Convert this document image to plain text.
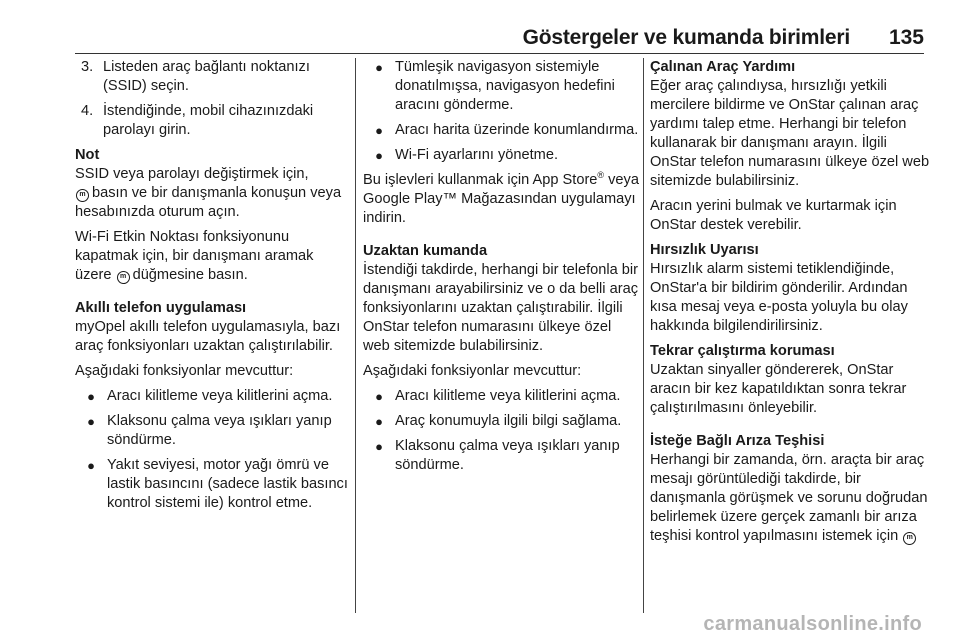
Göstergeler ve kumanda birimleri 135
3. Listeden araç bağlantı noktanızı (SSID) seçin.
4. İstendiğinde, mobil cihazınızdaki parolayı girin.

Not

SSID veya parolayı değiştirmek için,
mbasın ve bir danışmanla konuşun veya hesabınızda oturum açın.

Wi-Fi Etkin Noktası fonksiyonunu kapatmak için, bir danışmanı aramak üzere m düğmesine basın.

Akıllı telefon uygulaması

myOpel akıllı telefon uygulamasıyla, bazı araç fonksiyonları uzaktan çalıştırılabilir.

Aşağıdaki fonksiyonlar mevcuttur:

● Aracı kilitleme veya kilitlerini açma.
● Klaksonu çalma veya ışıkları yanıp söndürme.
● Yakıt seviyesi, motor yağı ömrü ve lastik basıncını (sadece lastik basıncı kontrol sistemi ile) kontrol etme.
● Tümleşik navigasyon sistemiyle donatılmışsa, navigasyon hedefini aracını gönderme.
● Aracı harita üzerinde konumlandırma.
● Wi-Fi ayarlarını yönetme.

Bu işlevleri kullanmak için App Store® veya Google Play™ Mağazasından uygulamayı indirin.

Uzaktan kumanda

İstendiği takdirde, herhangi bir telefonla bir danışmanı arayabilirsiniz ve o da belli araç fonksiyonlarını uzaktan çalıştırabilir. İlgili OnStar telefon numarasını ülkeye özel web sitemizde bulabilirsiniz.

Aşağıdaki fonksiyonlar mevcuttur:

● Aracı kilitleme veya kilitlerini açma.
● Araç konumuyla ilgili bilgi sağlama.
● Klaksonu çalma veya ışıkları yanıp söndürme.

Çalınan Araç Yardımı

Eğer araç çalındıysa, hırsızlığı yetkili mercilere bildirme ve OnStar çalınan araç yardımı talep etme. Herhangi bir telefon kullanarak bir danışmanı arayın. İlgili OnStar telefon numarasını ülkeye özel web sitemizde bulabilirsiniz.

Aracın yerini bulmak ve kurtarmak için OnStar destek verebilir.

Hırsızlık Uyarısı

Hırsızlık alarm sistemi tetiklendiğinde, OnStar'a bir bildirim gönderilir. Ardından kısa mesaj veya e-posta yoluyla bu olay hakkında bilgilendirilirsiniz.

Tekrar çalıştırma koruması

Uzaktan sinyaller göndererek, OnStar aracın bir kez kapatıldıktan sonra tekrar çalıştırılmasını önleyebilir.

İsteğe Bağlı Arıza Teşhisi

Herhangi bir zamanda, örn. araçta bir araç mesajı görüntülediği takdirde, bir danışmanla görüşmek ve sorunu doğrudan belirlemek üzere gerçek zamanlı bir arıza teşhisi kontrol yapılmasını istemek için m

carmanualsonline.info
